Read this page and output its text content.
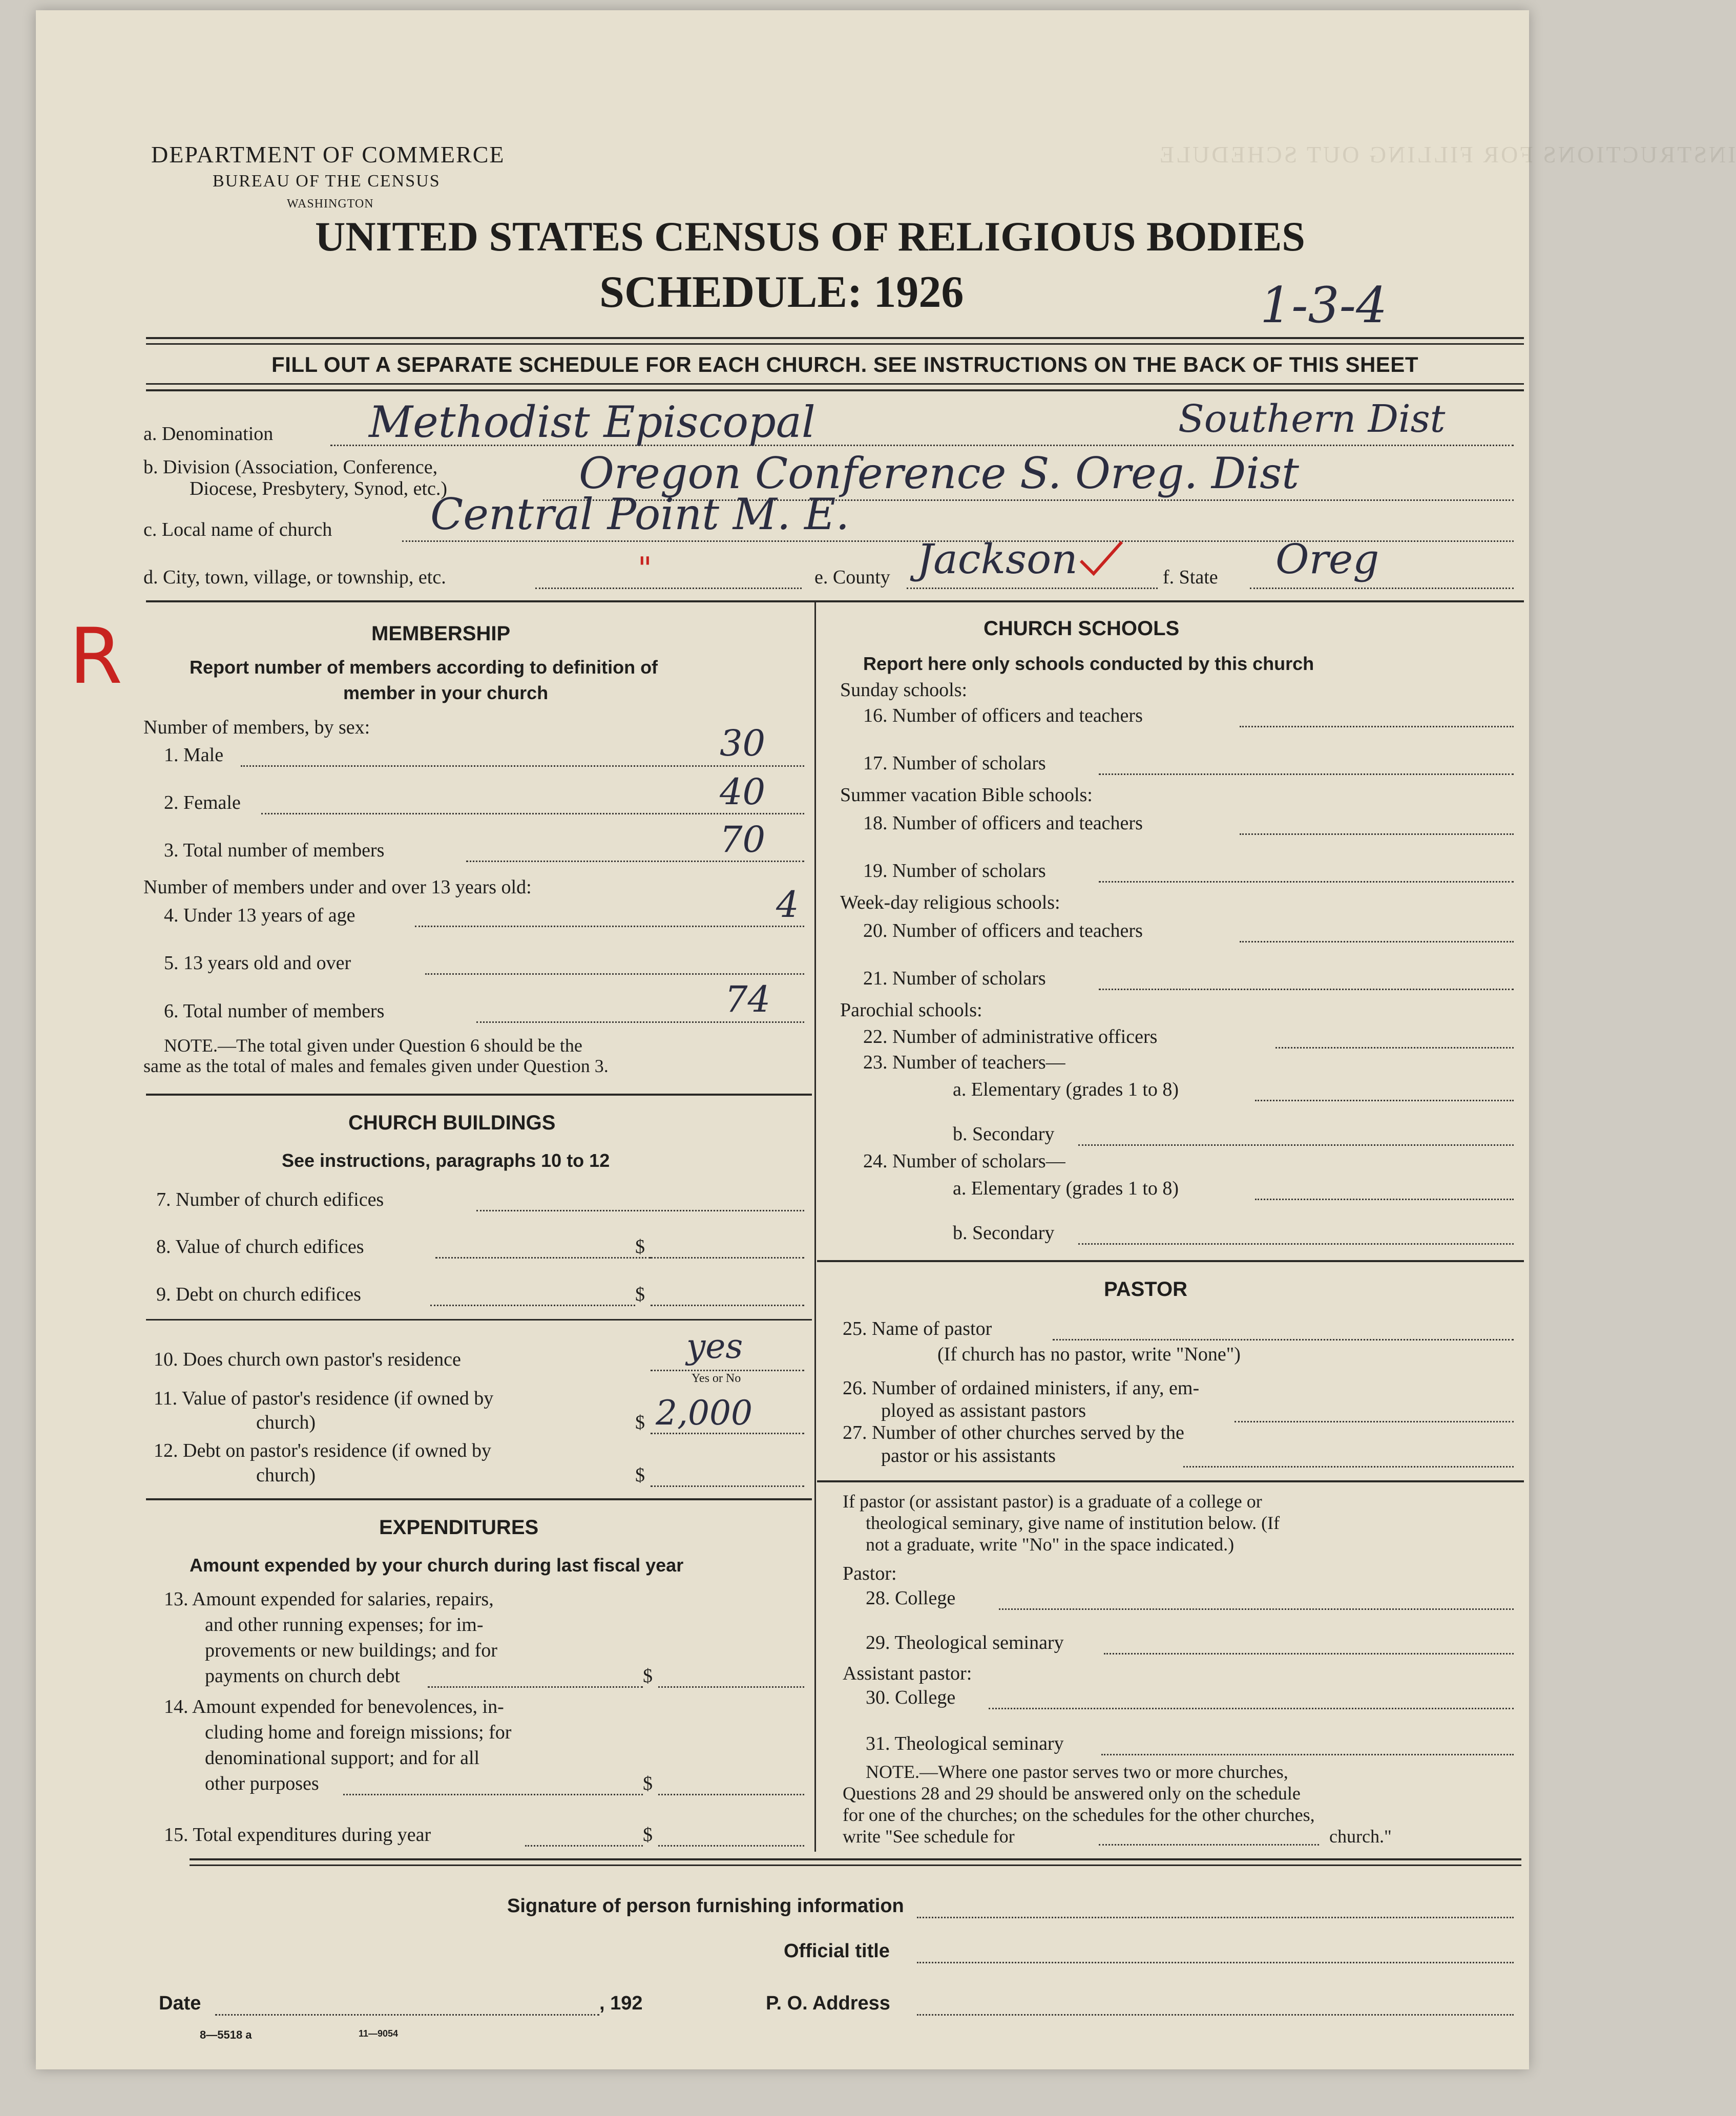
INSTRUCTIONS FOR FILLING OUT SCHEDULE
DEPARTMENT OF COMMERCE
BUREAU OF THE CENSUS
WASHINGTON
UNITED STATES CENSUS OF RELIGIOUS BODIES
SCHEDULE: 1926	1-3-4
FILL OUT A SEPARATE SCHEDULE FOR EACH CHURCH. SEE INSTRUCTIONS ON THE BACK OF THIS SHEET
a. Denomination Methodist Episcopal	Southern Dist
b. Division (Association, Conference,
Diocese, Presbytery, Synod, etc.)	Oregon Conference S. Oreg. Dist
c. Local name of church Central Point M. E.
d. City, town, village, or township, etc.	"	e. County Jackson	f. State Oreg
R	MEMBERSHIP
Report number of members according to definition of
member in your church
Number of members, by sex:
1. Male	30
2. Female	40
3. Total number of members	70
Number of members under and over 13 years old:
4. Under 13 years of age	4
5. 13 years old and over
6. Total number of members	74
NOTE.—The total given under Question 6 should be the
same as the total of males and females given under Question 3.
CHURCH BUILDINGS
See instructions, paragraphs 10 to 12
7. Number of church edifices
8. Value of church edifices	$
9. Debt on church edifices	$
10. Does church own pastor's residence	yes
Yes or No
11. Value of pastor's residence (if owned by
church)	$ 2,000
12. Debt on pastor's residence (if owned by
church)	$
EXPENDITURES
Amount expended by your church during last fiscal year
13. Amount expended for salaries, repairs,
and other running expenses; for im-
provements or new buildings; and for
payments on church debt	$
14. Amount expended for benevolences, in-
cluding home and foreign missions; for
denominational support; and for all
other purposes	$
15. Total expenditures during year	$
CHURCH SCHOOLS
Report here only schools conducted by this church
Sunday schools:
16. Number of officers and teachers
17. Number of scholars
Summer vacation Bible schools:
18. Number of officers and teachers
19. Number of scholars
Week-day religious schools:
20. Number of officers and teachers
21. Number of scholars
Parochial schools:
22. Number of administrative officers
23. Number of teachers—
a. Elementary (grades 1 to 8)
b. Secondary
24. Number of scholars—
a. Elementary (grades 1 to 8)
b. Secondary
PASTOR
25. Name of pastor
(If church has no pastor, write "None")
26. Number of ordained ministers, if any, em-
ployed as assistant pastors
27. Number of other churches served by the
pastor or his assistants
If pastor (or assistant pastor) is a graduate of a college or
theological seminary, give name of institution below. (If
not a graduate, write "No" in the space indicated.)
Pastor:
28. College
29. Theological seminary
Assistant pastor:
30. College
31. Theological seminary
NOTE.—Where one pastor serves two or more churches,
Questions 28 and 29 should be answered only on the schedule
for one of the churches; on the schedules for the other churches,
write "See schedule for	church."
Signature of person furnishing information
Official title
Date	, 192	P. O. Address
8—5518 a	11—9054
